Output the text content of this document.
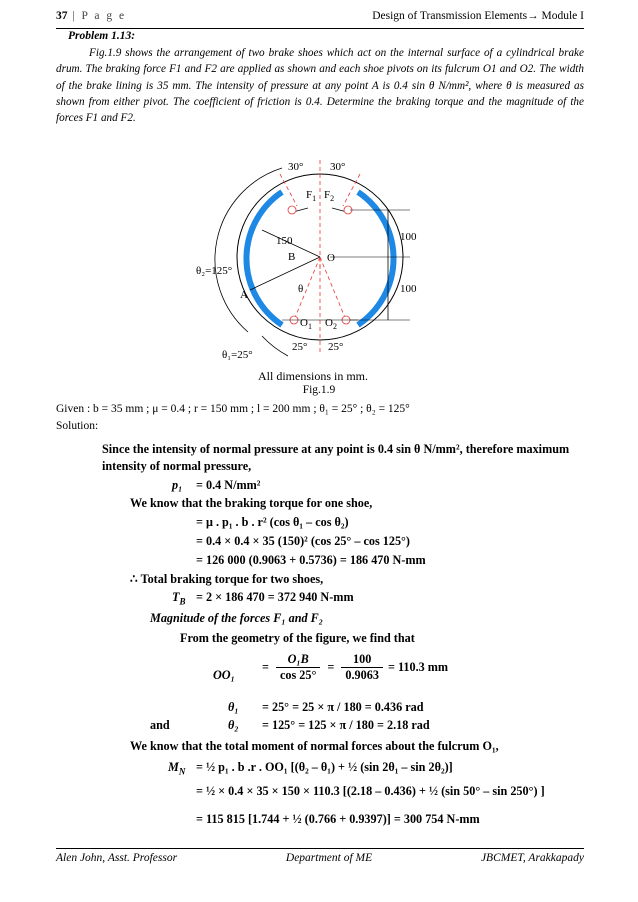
37 | P a g e	Design of Transmission Elements→ Module I
Problem 1.13:
Fig.1.9 shows the arrangement of two brake shoes which act on the internal surface of a cylindrical brake drum. The braking force F1 and F2 are applied as shown and each shoe pivots on its fulcrum O1 and O2. The width of the brake lining is 35 mm. The intensity of pressure at any point A is 0.4 sin θ N/mm², where θ is measured as shown from either pivot. The coefficient of friction is 0.4. Determine the braking torque and the magnitude of the forces F1 and F2.
30° 30°
$F_1$ $F_2$
150
B	O
100
100
θ₂=125°
A	θ
$O_1$ $O_2$
25° 25°
θ₁=25°
All dimensions in mm.
Fig.1.9
Given : b = 35 mm ; μ = 0.4 ; r = 150 mm ; l = 200 mm ; θ₁ = 25° ; θ₂ = 125°
Solution:
Since the intensity of normal pressure at any point is 0.4 sin θ N/mm², therefore maximum
intensity of normal pressure,
p₁ = 0.4 N/mm²
We know that the braking torque for one shoe,
= μ . p₁ . b . r² (cos θ₁ – cos θ₂)
= 0.4 × 0.4 × 35 (150)² (cos 25° – cos 125°)
= 126 000 (0.9063 + 0.5736) = 186 470 N-mm
∴ Total braking torque for two shoes,
$T_B = 2 \times 186$ 470 = 372 940 N-mm
Magnitude of the forces F₁ and F₂
From the geometry of the figure, we find that
OO₁
= $\frac{\text{O₁B}}{\cos 25^\circ} = \frac{100}{0.9063} = 110.3$ mm
θ₁ = 25° = 25 × π / 180 = 0.436 rad
and	θ₂ = 125° = 125 × π / 180 = 2.18 rad
We know that the total moment of normal forces about the fulcrum O₁,
$M_N$ = ½ p₁ . b .r . OO₁ [(θ₂ – θ₁) + ½ (sin 2θ₁ – sin 2θ₂)]
= ½ × 0.4 × 35 × 150 × 110.3 [(2.18 – 0.436) + ½ (sin 50° – sin 250°) ]
= 115 815 [1.744 + ½ (0.766 + 0.9397)] = 300 754 N-mm
Alen John, Asst. Professor	Department of ME	JBCMET, Arakkapady
